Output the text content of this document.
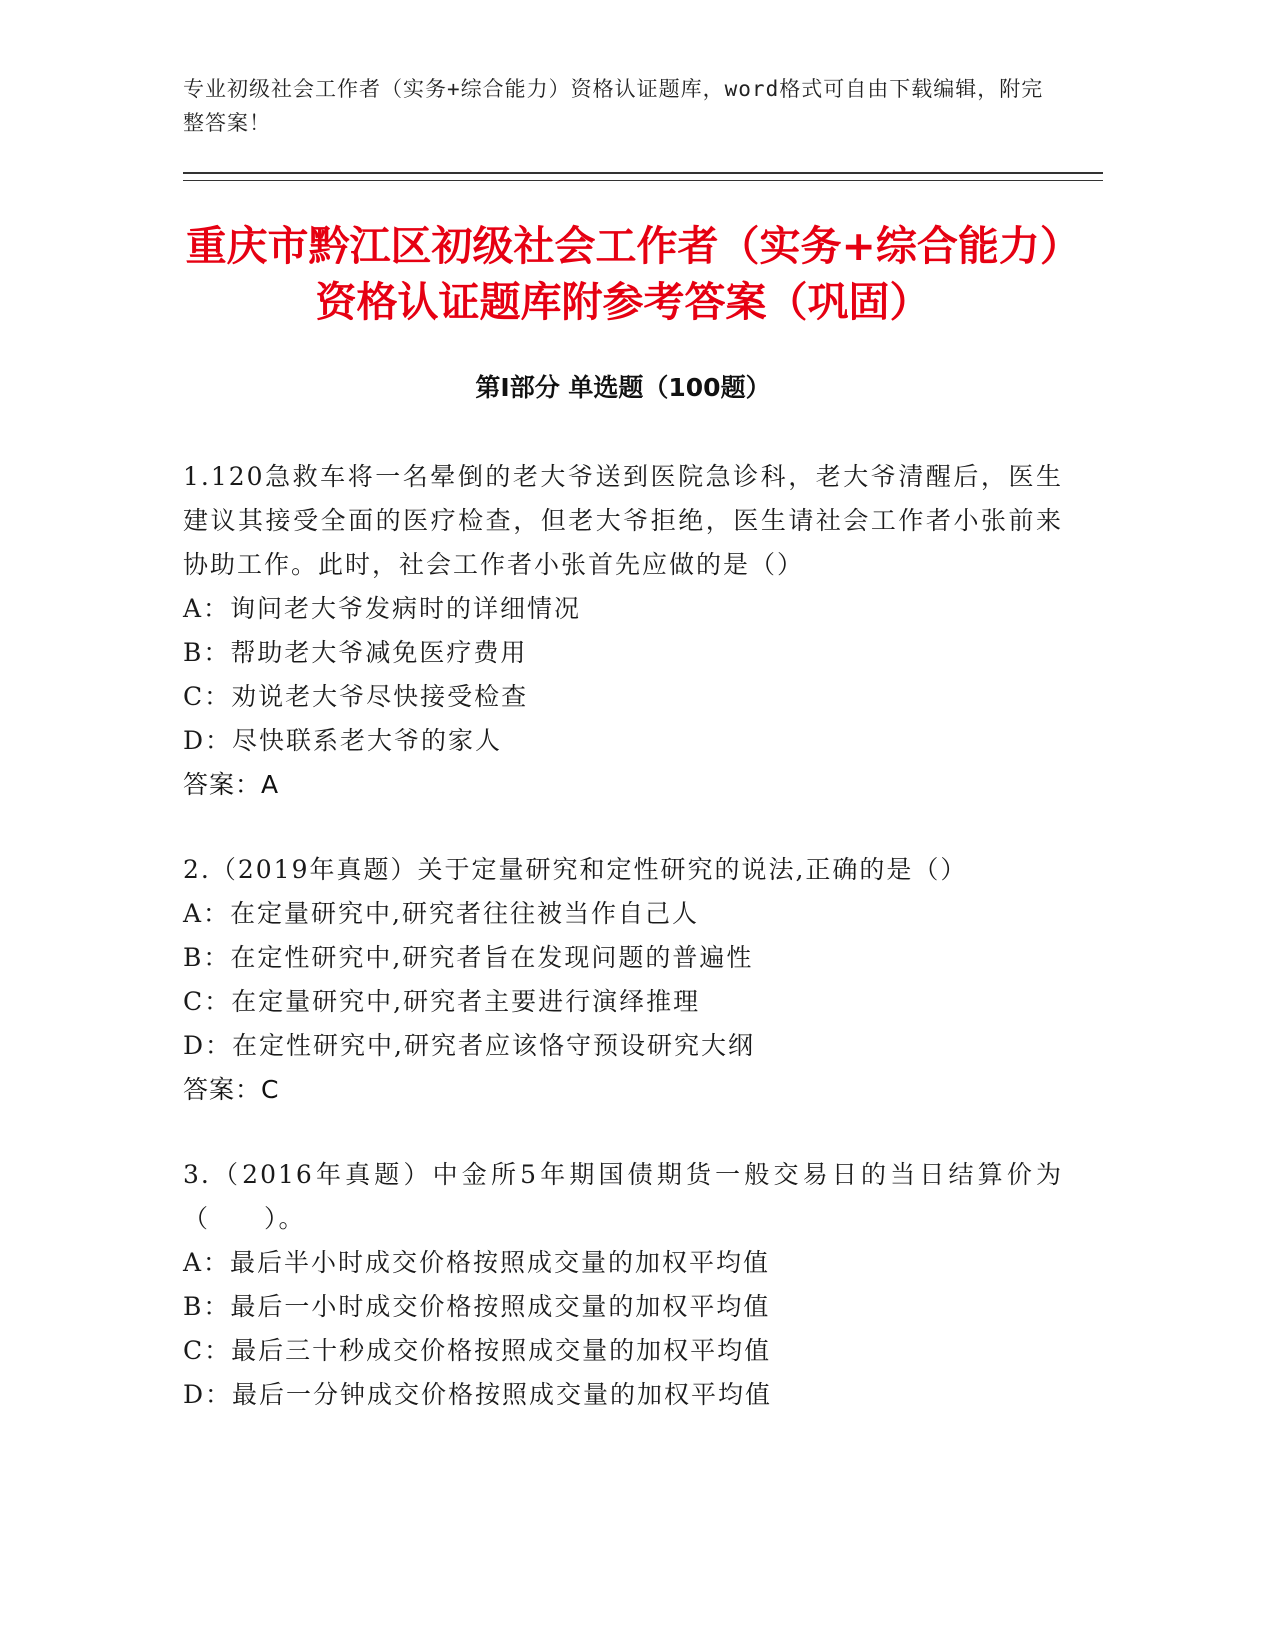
专业初级社会工作者（实务+综合能力）资格认证题库，word格式可自由下载编辑，附完整答案！
重庆市黔江区初级社会工作者（实务+综合能力）资格认证题库附参考答案（巩固）
第I部分 单选题（100题）

1.120急救车将一名晕倒的老大爷送到医院急诊科，老大爷清醒后，医生建议其接受全面的医疗检查，但老大爷拒绝，医生请社会工作者小张前来协助工作。此时，社会工作者小张首先应做的是（）

A：询问老大爷发病时的详细情况

B：帮助老大爷减免医疗费用

C：劝说老大爷尽快接受检查

D：尽快联系老大爷的家人

答案：A

2.（2019年真题）关于定量研究和定性研究的说法,正确的是（）

A：在定量研究中,研究者往往被当作自己人

B：在定性研究中,研究者旨在发现问题的普遍性

C：在定量研究中,研究者主要进行演绎推理

D：在定性研究中,研究者应该恪守预设研究大纲

答案：C

3.（2016年真题）中金所5年期国债期货一般交易日的当日结算价为（　　）。

A：最后半小时成交价格按照成交量的加权平均值

B：最后一小时成交价格按照成交量的加权平均值

C：最后三十秒成交价格按照成交量的加权平均值

D：最后一分钟成交价格按照成交量的加权平均值
